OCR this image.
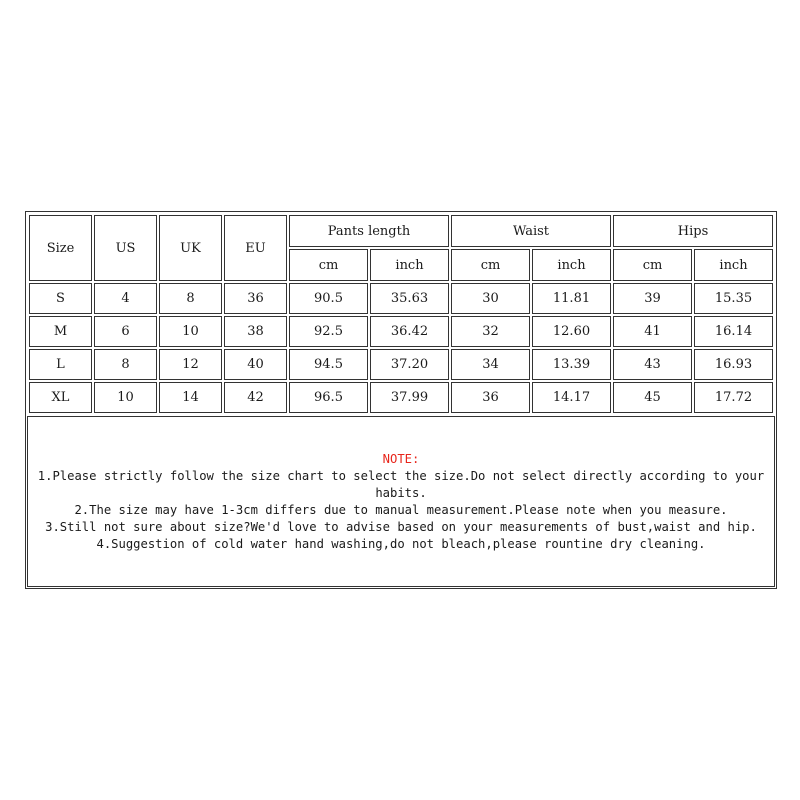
Size	US	UK	EU	Pants length		Waist		Hips	
				cm	inch	cm	inch	cm	inch
S	4	8	36	90.5	35.63	30	11.81	39	15.35
M	6	10	38	92.5	36.42	32	12.60	41	16.14
L	8	12	40	94.5	37.20	34	13.39	43	16.93
XL	10	14	42	96.5	37.99	36	14.17	45	17.72
NOTE:
1.Please strictly follow the size chart to select the size.Do not select directly according to your habits.
2.The size may have 1-3cm differs due to manual measurement.Please note when you measure.
3.Still not sure about size?We'd love to advise based on your measurements of bust,waist and hip.
4.Suggestion of cold water hand washing,do not bleach,please rountine dry cleaning.
